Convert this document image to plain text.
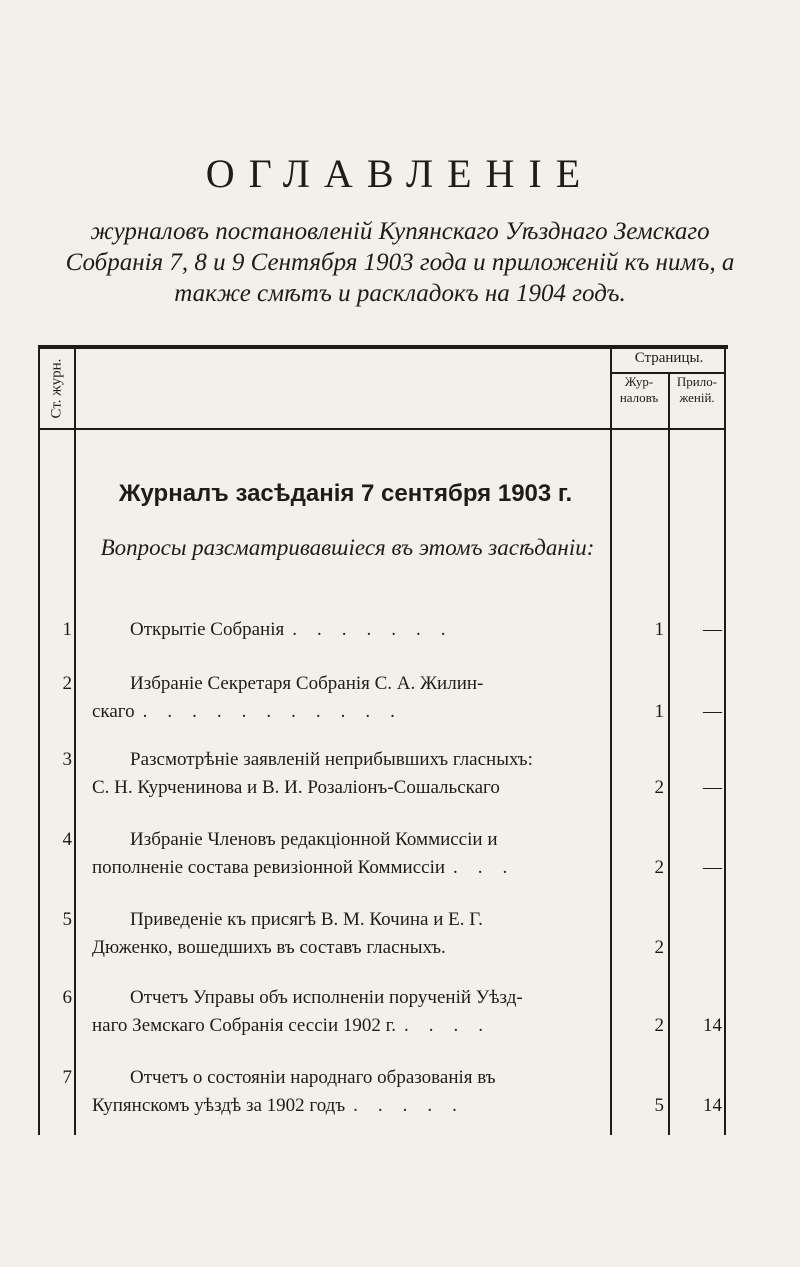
ОГЛАВЛЕНІЕ

журналовъ постановленій Купянскаго Уѣзднаго Земскаго Собранія 7, 8 и 9 Сентября 1903 года и приложеній къ нимъ, а также смѣтъ и раскладокъ на 1904 годъ.

Ст. журн.
Страницы.
Жур-наловъ
Прило-женій.
Журналъ засѣданія 7 сентября 1903 г.
Вопросы разсматривавшіеся въ этомъ засѣданіи:
1	Открытіе Собранія .......	1	—
2	Избраніе Секретаря Собранія С. А. Жилин-
скаго ...........	1	—
3	Разсмотрѣніе заявленій неприбывшихъ гласныхъ:
С. Н. Курченинова и В. И. Розаліонъ-Сошальскаго	2	—
4	Избраніе Членовъ редакціонной Коммиссіи и
пополненіе состава ревизіонной Коммиссіи ...	2	—
5	Приведеніе къ присягѣ В. М. Кочина и Е. Г.
Дюженко, вошедшихъ въ составъ гласныхъ.	2
6	Отчетъ Управы объ исполненіи порученій Уѣзд-
наго Земскаго Собранія сессіи 1902 г. ....	2	14
7	Отчетъ о состояніи народнаго образованія въ
Купянскомъ уѣздѣ за 1902 годъ .....	5	14
